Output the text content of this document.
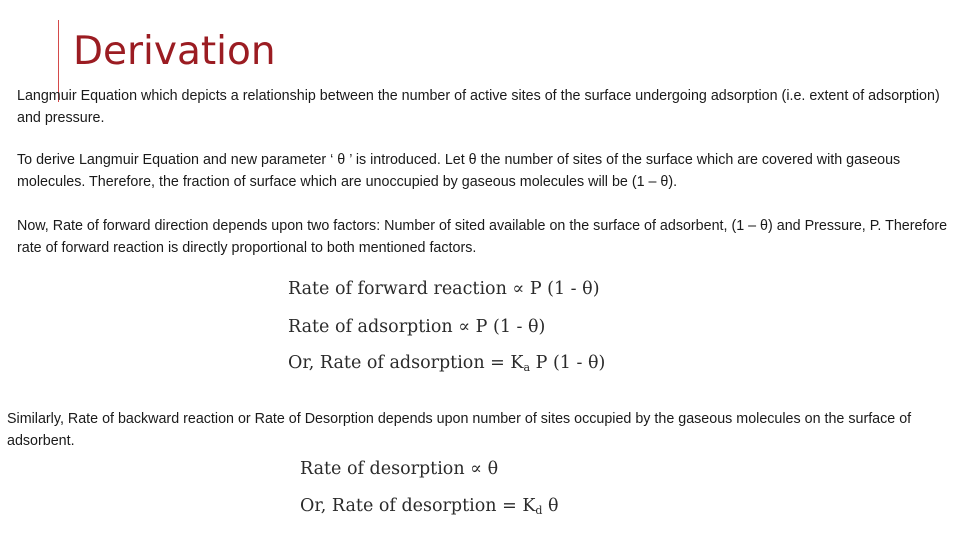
Derivation

Langmuir Equation which depicts a relationship between the number of active sites of the surface undergoing adsorption (i.e. extent of adsorption) and pressure.

To derive Langmuir Equation and new parameter ‘ θ ’ is introduced. Let θ the number of sites of the surface which are covered with gaseous molecules. Therefore, the fraction of surface which are unoccupied by gaseous molecules will be (1 – θ).

Now, Rate of forward direction depends upon two factors: Number of sited available on the surface of adsorbent, (1 – θ) and Pressure, P. Therefore rate of forward reaction is directly proportional to both mentioned factors.

Rate of forward reaction ∝ P (1 - θ)
Rate of adsorption ∝ P (1 - θ)
Or, Rate of adsorption = $K_a$ P (1 - θ)

Similarly, Rate of backward reaction or Rate of Desorption depends upon number of sites occupied by the gaseous molecules on the surface of adsorbent.

Rate of desorption ∝ θ
Or, Rate of desorption = $K_d$ θ
